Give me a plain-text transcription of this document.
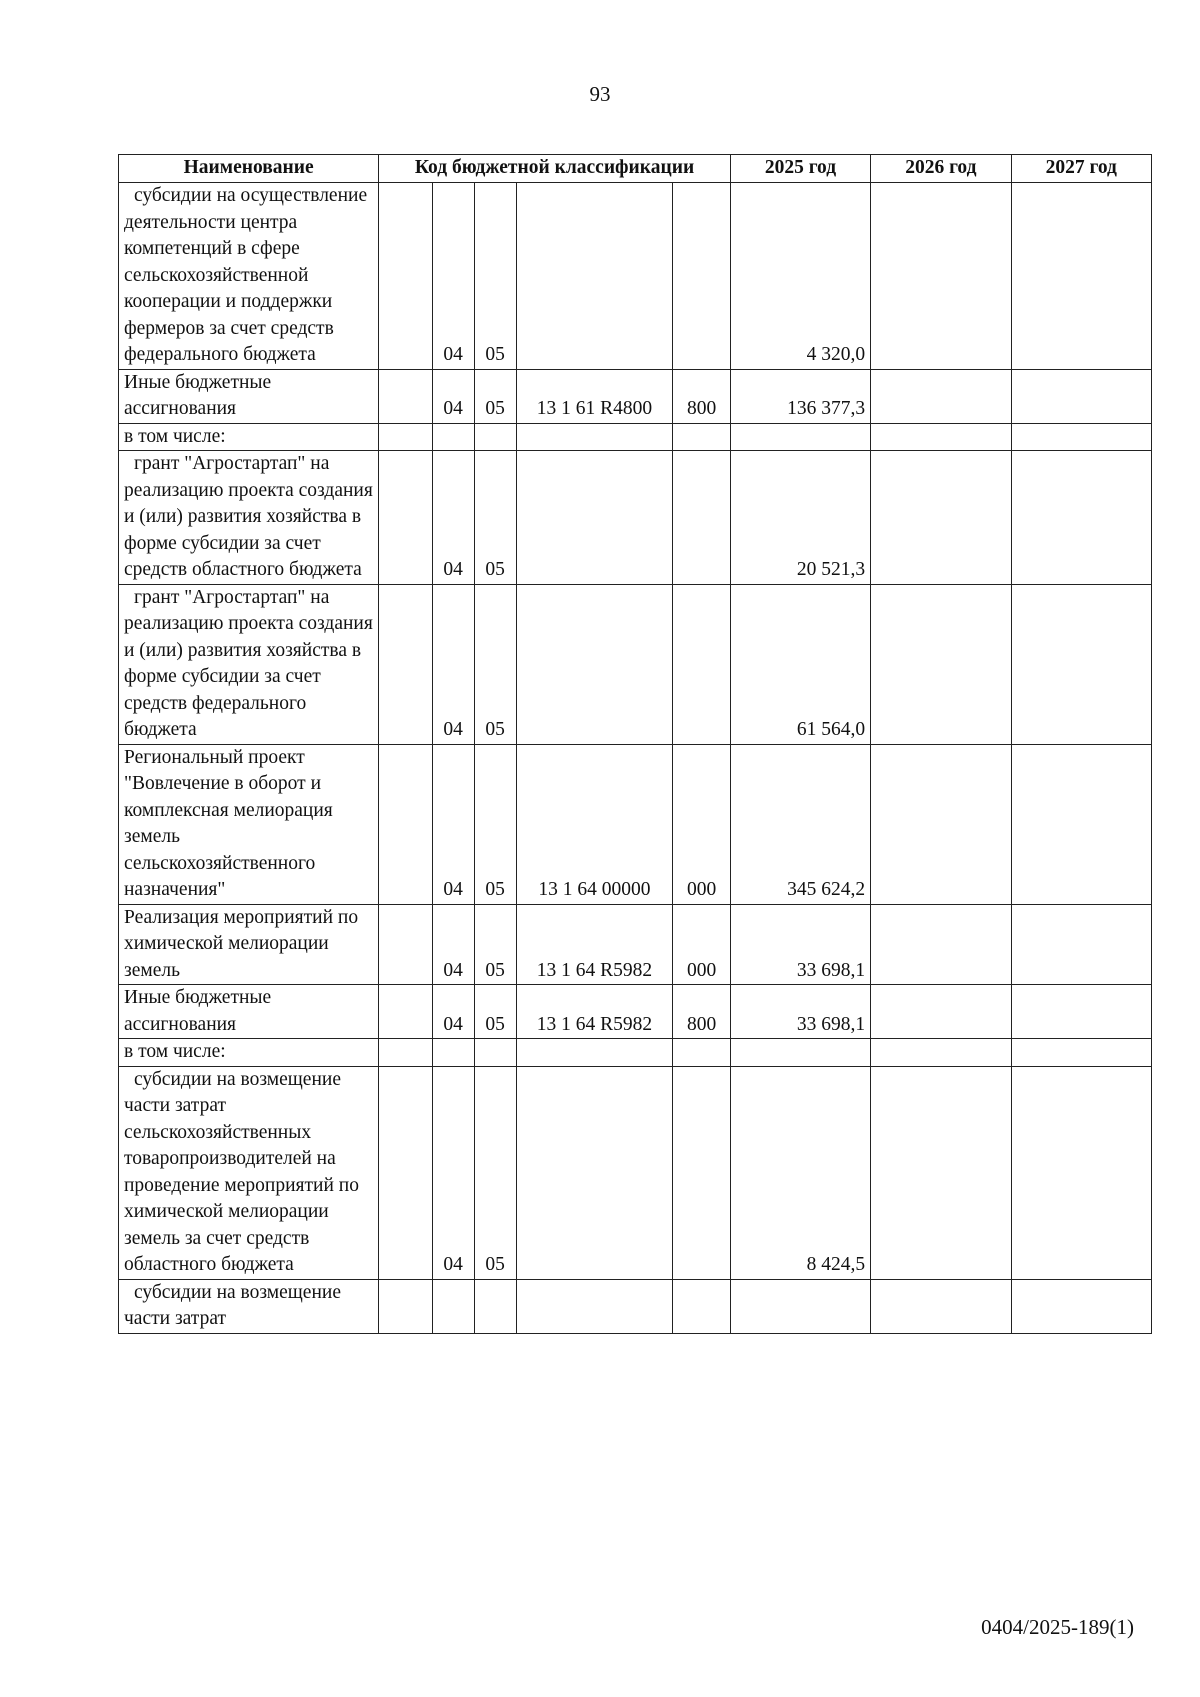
93
Наименование	Код бюджетной классификации					2025 год	2026 год	2027 год
субсидии на осуществление деятельности центра компетенций в сфере сельскохозяйственной кооперации и поддержки фермеров за счет средств федерального бюджета		04	05			4 320,0		
Иные бюджетные ассигнования		04	05	13 1 61 R4800	800	136 377,3		
в том числе:								
грант "Агростартап" на реализацию проекта создания и (или) развития хозяйства в форме субсидии за счет средств областного бюджета		04	05			20 521,3		
грант "Агростартап" на реализацию проекта создания и (или) развития хозяйства в форме субсидии за счет средств федерального бюджета		04	05			61 564,0		
Региональный проект "Вовлечение в оборот и комплексная мелиорация земель сельскохозяйственного назначения"		04	05	13 1 64 00000	000	345 624,2		
Реализация мероприятий по химической мелиорации земель		04	05	13 1 64 R5982	000	33 698,1		
Иные бюджетные ассигнования		04	05	13 1 64 R5982	800	33 698,1		
в том числе:								
субсидии на возмещение части затрат сельскохозяйственных товаропроизводителей на проведение мероприятий по химической мелиорации земель за счет средств областного бюджета		04	05			8 424,5		
субсидии на возмещение части затрат								
0404/2025-189(1)
